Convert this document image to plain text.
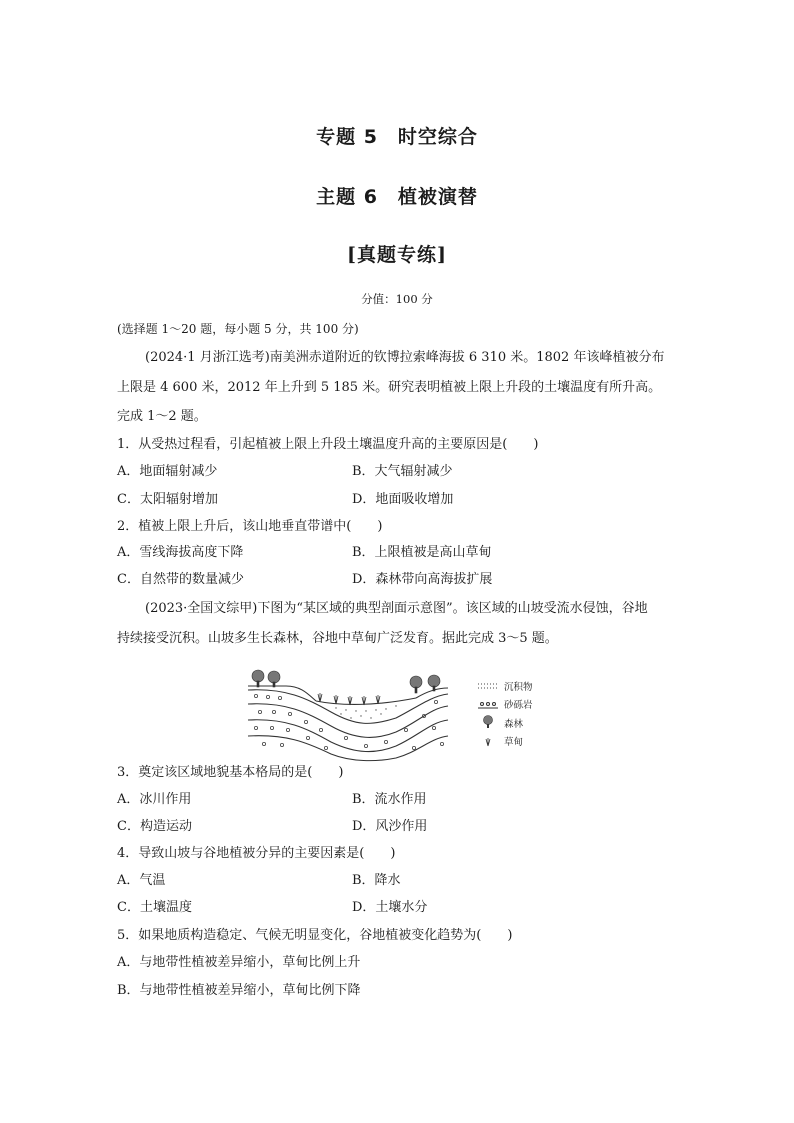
专题 5　时空综合
主题 6　植被演替
[真题专练]
分值：100 分
(选择题 1～20 题，每小题 5 分，共 100 分)
(2024·1 月浙江选考)南美洲赤道附近的钦博拉索峰海拔 6 310 米。1802 年该峰植被分布
上限是 4 600 米，2012 年上升到 5 185 米。研究表明植被上限上升段的土壤温度有所升高。
完成 1～2 题。
1．从受热过程看，引起植被上限上升段土壤温度升高的主要原因是(　　)
A．地面辐射减少	B．大气辐射减少
C．太阳辐射增加	D．地面吸收增加
2．植被上限上升后，该山地垂直带谱中(　　)
A．雪线海拔高度下降	B．上限植被是高山草甸
C．自然带的数量减少	D．森林带向高海拔扩展
(2023·全国文综甲)下图为“某区域的典型剖面示意图”。该区域的山坡受流水侵蚀，谷地
持续接受沉积。山坡多生长森林，谷地中草甸广泛发育。据此完成 3～5 题。
沉积物
砂砾岩
森林
草甸
3．奠定该区域地貌基本格局的是(　　)
A．冰川作用	B．流水作用
C．构造运动	D．风沙作用
4．导致山坡与谷地植被分异的主要因素是(　　)
A．气温	B．降水
C．土壤温度	D．土壤水分
5．如果地质构造稳定、气候无明显变化，谷地植被变化趋势为(　　)
A．与地带性植被差异缩小，草甸比例上升
B．与地带性植被差异缩小，草甸比例下降
